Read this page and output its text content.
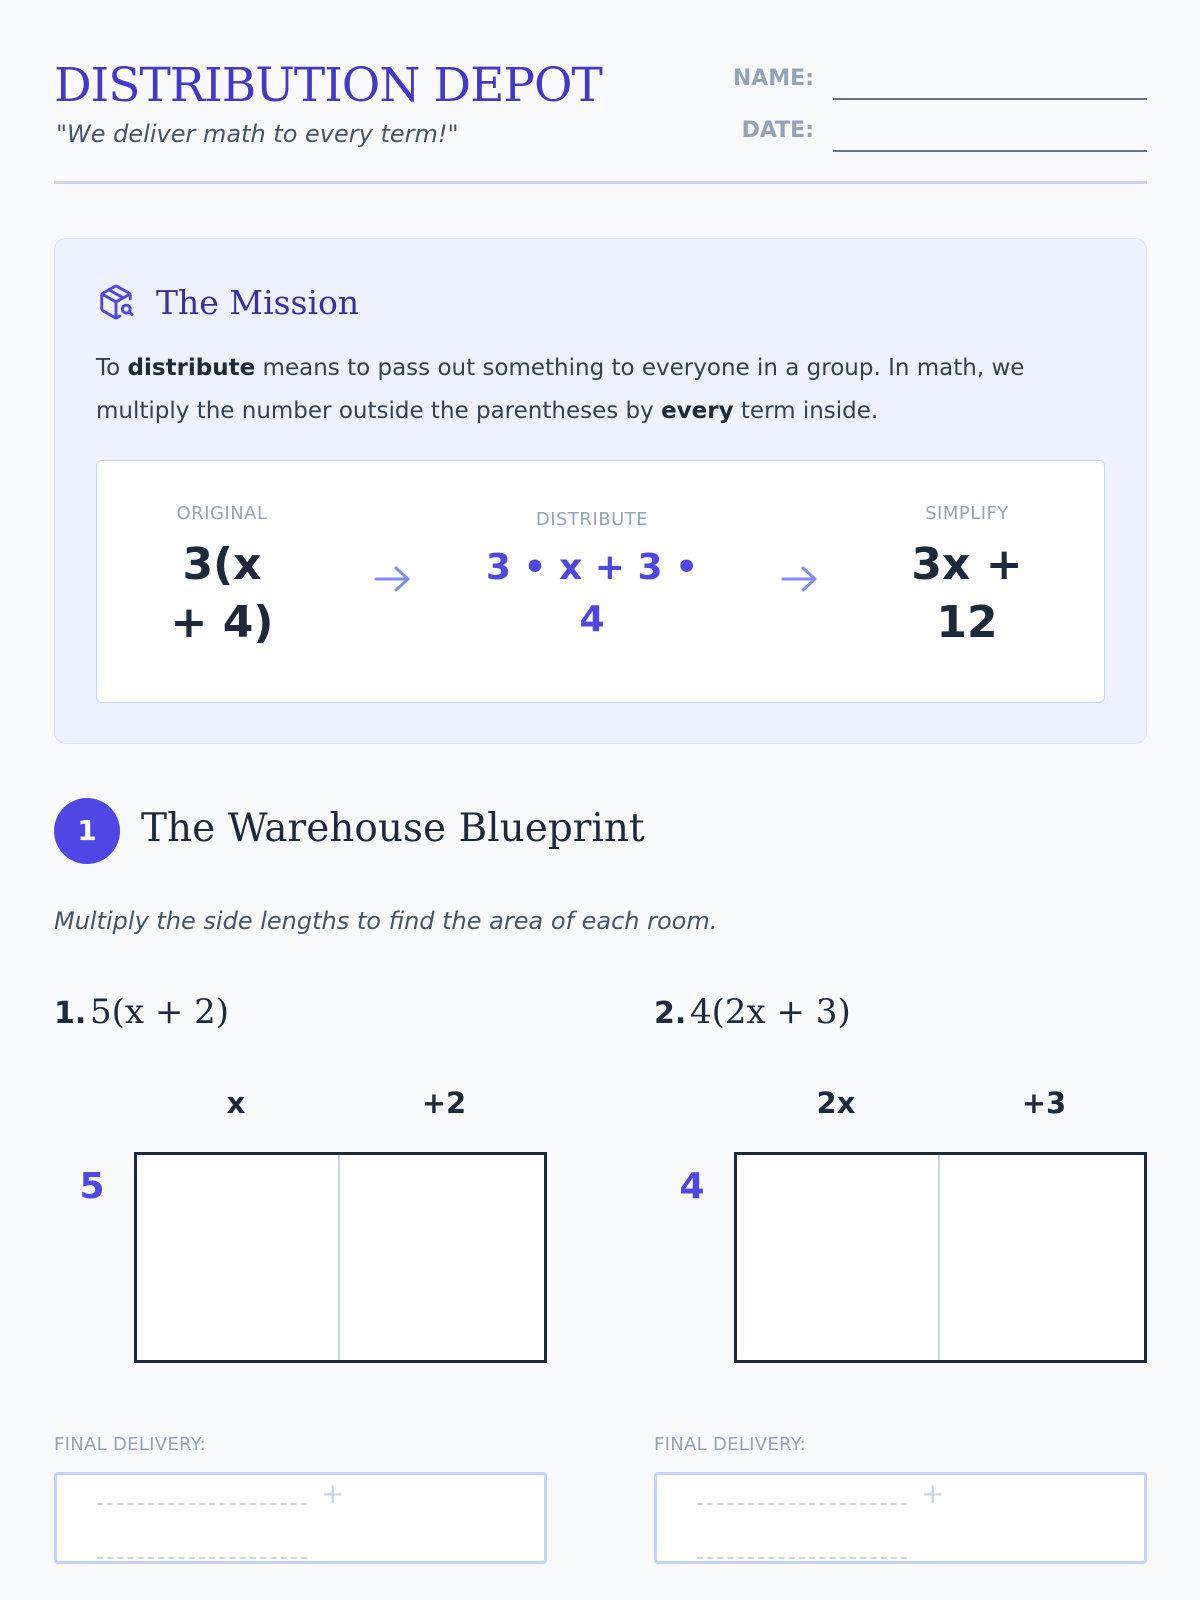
DISTRIBUTION DEPOT
"We deliver math to every term!"
NAME:
DATE:
The Mission

To distribute means to pass out something to everyone in a group. In math, we multiply the number outside the parentheses by every term inside.

ORIGINAL
3(x + 4)
DISTRIBUTE
3 • x + 3 • 4
SIMPLIFY
3x + 12
1	The Warehouse Blueprint
Multiply the side lengths to find the area of each room.
1. 5(x + 2)
x	+2
5
FINAL DELIVERY:
+
2. 4(2x + 3)
2x	+3
4
FINAL DELIVERY:
+
